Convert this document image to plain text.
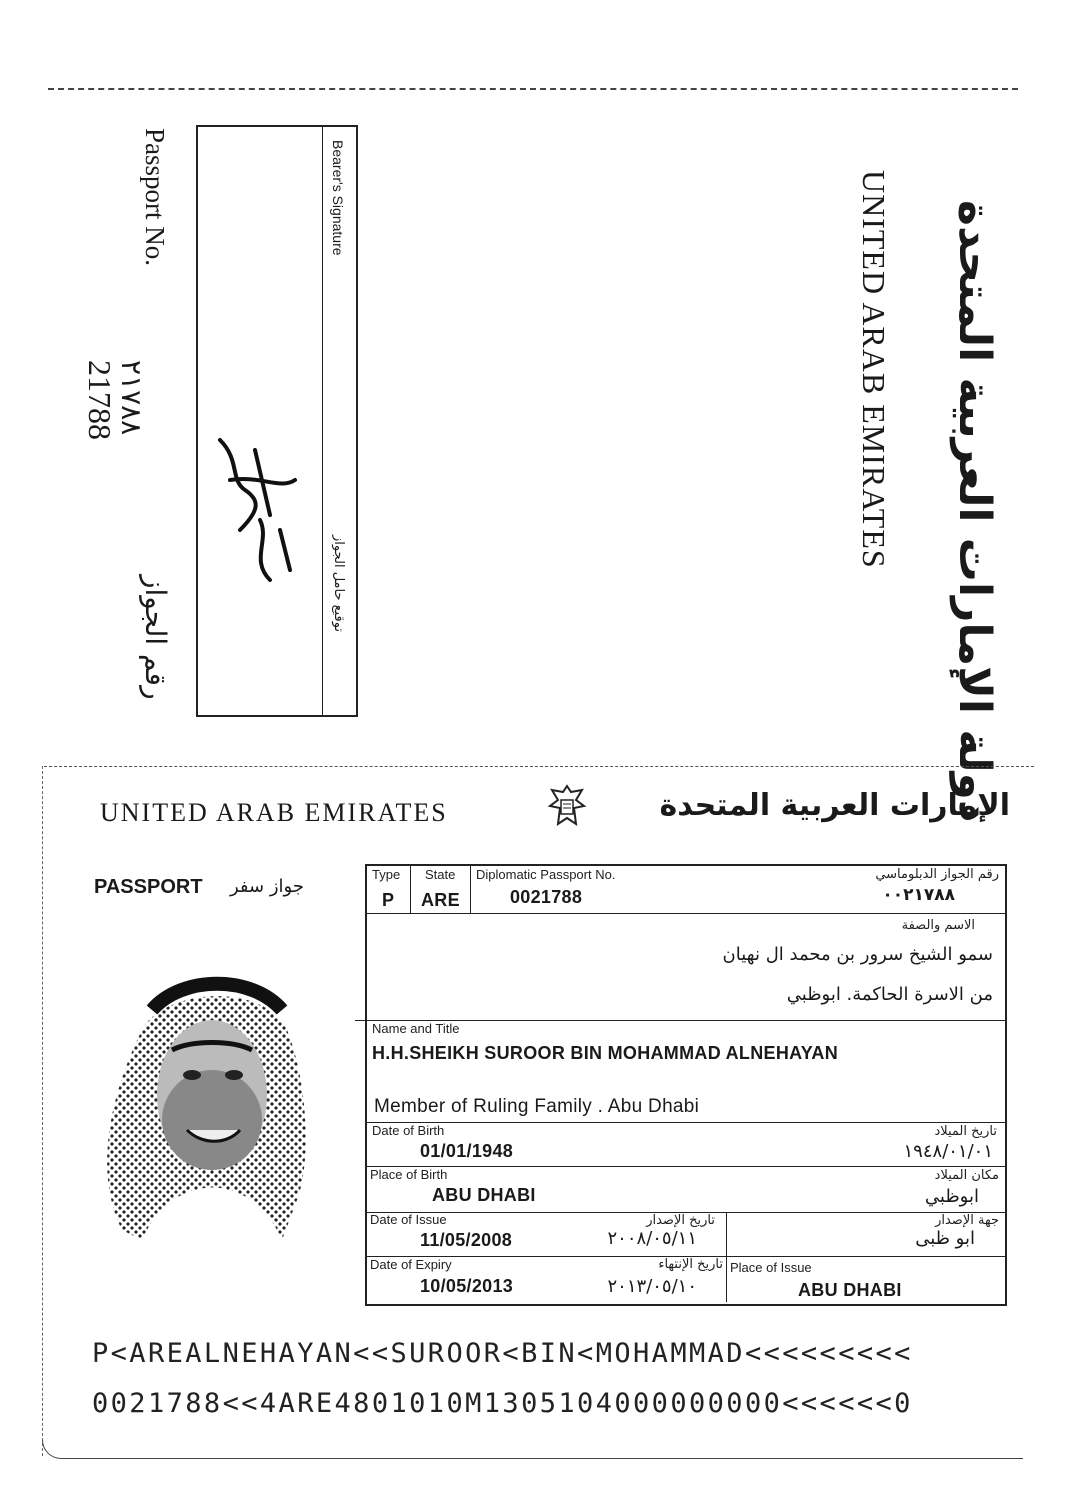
Passport No.
٢١٧٨٨
21788
رقم الجواز
Bearer's Signature
توقيع حامل الجواز
UNITED ARAB EMIRATES دولة الإمارات العربية المتحدة
UNITED ARAB EMIRATES	الإمارات العربية المتحدة
PASSPORT جواز سفر
Type
P
State
ARE
Diplomatic Passport No.
0021788
رقم الجواز الدبلوماسي
٠٠٢١٧٨٨
الاسم والصفة
سمو الشيخ سرور بن محمد ال نهيان
من الاسرة الحاكمة. ابوظبي
Name and Title
H.H.SHEIKH SUROOR BIN MOHAMMAD ALNEHAYAN
Member of Ruling Family . Abu Dhabi
Date of Birth
01/01/1948
تاريخ الميلاد
١٩٤٨/٠١/٠١
Place of Birth
ABU DHABI
مكان الميلاد
ابوظبي
Date of Issue
11/05/2008
تاريخ الإصدار
٢٠٠٨/٠٥/١١
جهة الإصدار
ابو ظبى
Date of Expiry
10/05/2013
تاريخ الإنتهاء
٢٠١٣/٠٥/١٠
Place of Issue
ABU DHABI
P<AREALNEHAYAN<<SUROOR<BIN<MOHAMMAD<<<<<<<<<
0021788<<4ARE4801010M1305104000000000<<<<<<0
